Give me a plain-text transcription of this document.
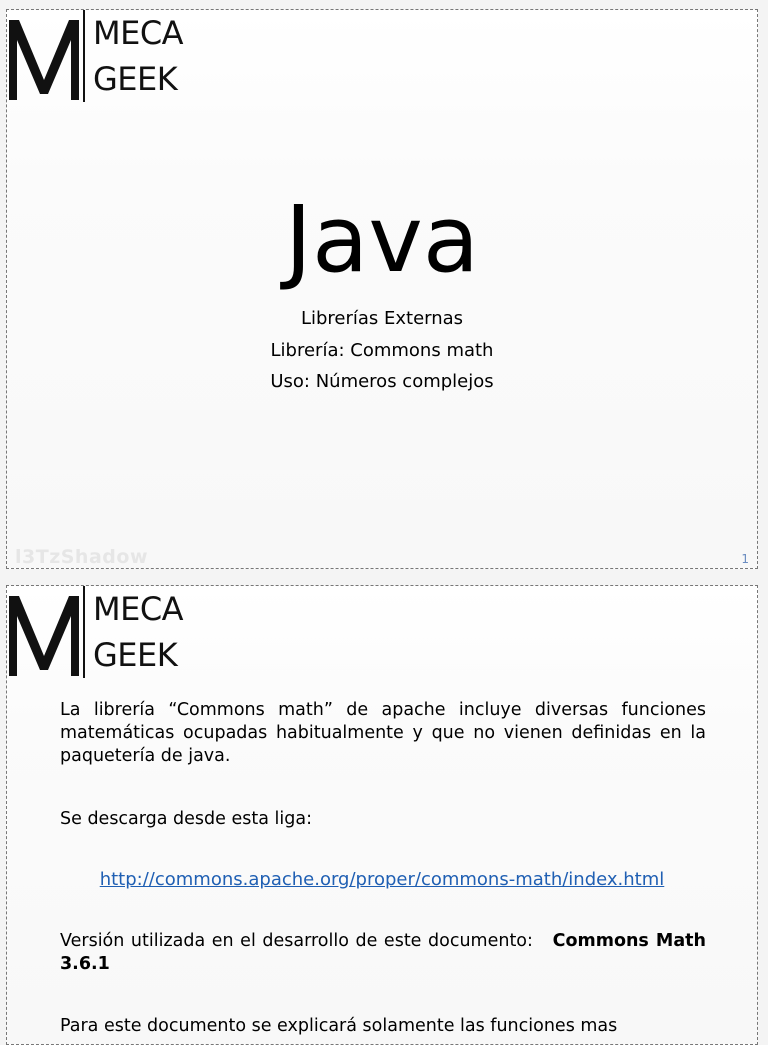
MECA
GEEK
Java
Librerías Externas
Librería: Commons math
Uso: Números complejos
l3TzShadow	1
MECA
GEEK
La librería “Commons math” de apache incluye diversas funciones matemáticas ocupadas habitualmente y que no vienen definidas en la paquetería de java.
Se descarga desde esta liga:
http://commons.apache.org/proper/commons-math/index.html
Versión utilizada en el desarrollo de este documento: Commons Math 3.6.1
Para este documento se explicará solamente las funciones mas
